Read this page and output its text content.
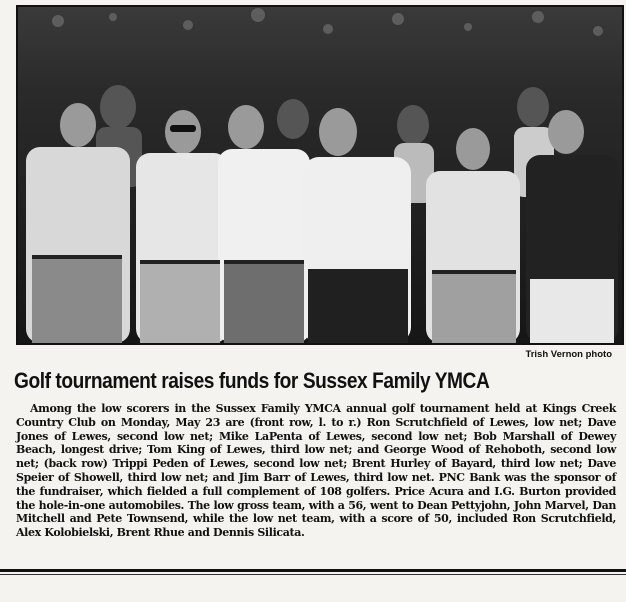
Trish Vernon photo
Golf tournament raises funds for Sussex Family YMCA

Among the low scorers in the Sussex Family YMCA annual golf tournament held at Kings Creek Country Club on Monday, May 23 are (front row, l. to r.) Ron Scrutchfield of Lewes, low net; Dave Jones of Lewes, second low net; Mike LaPenta of Lewes, second low net; Bob Marshall of Dewey Beach, longest drive; Tom King of Lewes, third low net; and George Wood of Rehoboth, second low net; (back row) Trippi Peden of Lewes, second low net; Brent Hurley of Bayard, third low net; Dave Speier of Showell, third low net; and Jim Barr of Lewes, third low net. PNC Bank was the sponsor of the fundraiser, which fielded a full complement of 108 golfers. Price Acura and I.G. Burton provided the hole-in-one automobiles. The low gross team, with a 56, went to Dean Pettyjohn, John Marvel, Dan Mitchell and Pete Townsend, while the low net team, with a score of 50, included Ron Scrutchfield, Alex Kolobielski, Brent Rhue and Dennis Silicata.
